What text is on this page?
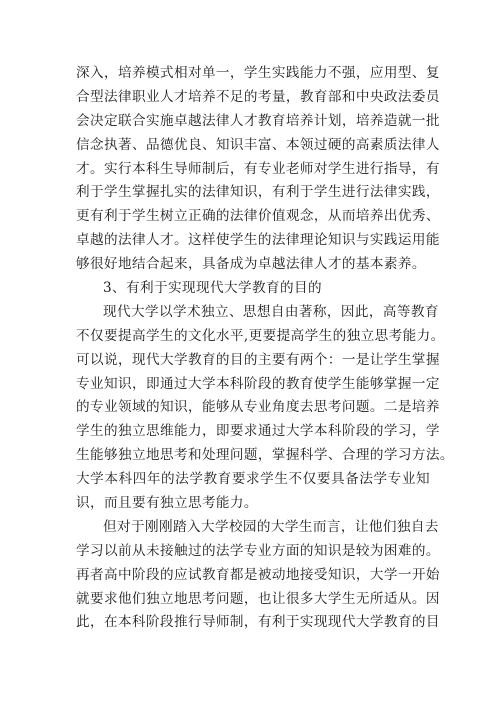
深入，培养模式相对单一，学生实践能力不强，应用型、复
合型法律职业人才培养不足的考量，教育部和中央政法委员
会决定联合实施卓越法律人才教育培养计划，培养造就一批
信念执著、品德优良、知识丰富、本领过硬的高素质法律人
才。实行本科生导师制后，有专业老师对学生进行指导，有
利于学生掌握扎实的法律知识，有利于学生进行法律实践，
更有利于学生树立正确的法律价值观念，从而培养出优秀、
卓越的法律人才。这样使学生的法律理论知识与实践运用能
够很好地结合起来，具备成为卓越法律人才的基本素养。
3、有利于实现现代大学教育的目的
现代大学以学术独立、思想自由著称，因此，高等教育
不仅要提高学生的文化水平,更要提高学生的独立思考能力。
可以说，现代大学教育的目的主要有两个：一是让学生掌握
专业知识，即通过大学本科阶段的教育使学生能够掌握一定
的专业领域的知识，能够从专业角度去思考问题。二是培养
学生的独立思维能力，即要求通过大学本科阶段的学习，学
生能够独立地思考和处理问题，掌握科学、合理的学习方法。
大学本科四年的法学教育要求学生不仅要具备法学专业知
识，而且要有独立思考能力。
但对于刚刚踏入大学校园的大学生而言，让他们独自去
学习以前从未接触过的法学专业方面的知识是较为困难的。
再者高中阶段的应试教育都是被动地接受知识，大学一开始
就要求他们独立地思考问题，也让很多大学生无所适从。因
此，在本科阶段推行导师制，有利于实现现代大学教育的目
